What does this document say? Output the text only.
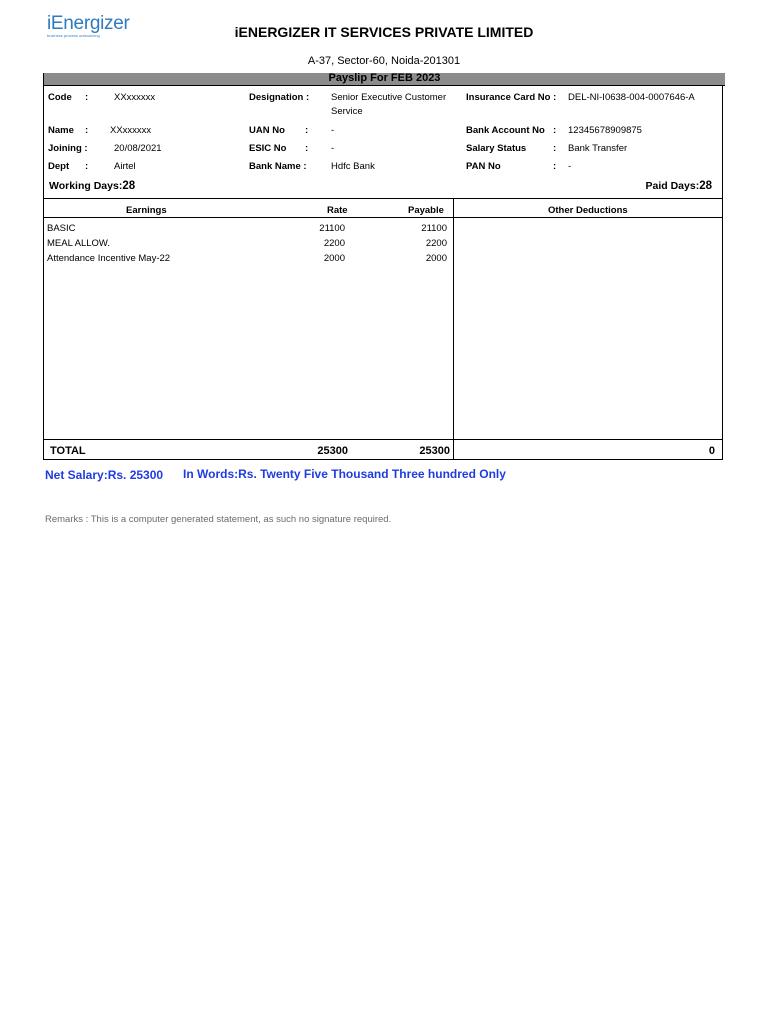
iEnergizer
business process outsourcing	iENERGIZER IT SERVICES PRIVATE LIMITED
A-37, Sector-60, Noida-201301
Payslip For FEB 2023
Code :	XXxxxxxx
Name : XXxxxxxx
Joining :	20/08/2021
Dept :	Airtel
Designation : Senior Executive Customer
Service
UAN No : -
ESIC No : -
Bank Name :	Hdfc Bank
Insurance Card No : DEL-NI-I0638-004-0007646-A
Bank Account No : 12345678909875
Salary Status	: Bank Transfer
PAN No	: -
Working Days:28	Paid Days:28
Earnings	Rate	Payable	Other Deductions
BASIC	21100	21100
MEAL ALLOW.	2200	2200
Attendance Incentive May-22	2000	2000
TOTAL	25300	25300	0
Net Salary:Rs. 25300 In Words:Rs. Twenty Five Thousand Three hundred Only
Remarks : This is a computer generated statement, as such no signature required.
